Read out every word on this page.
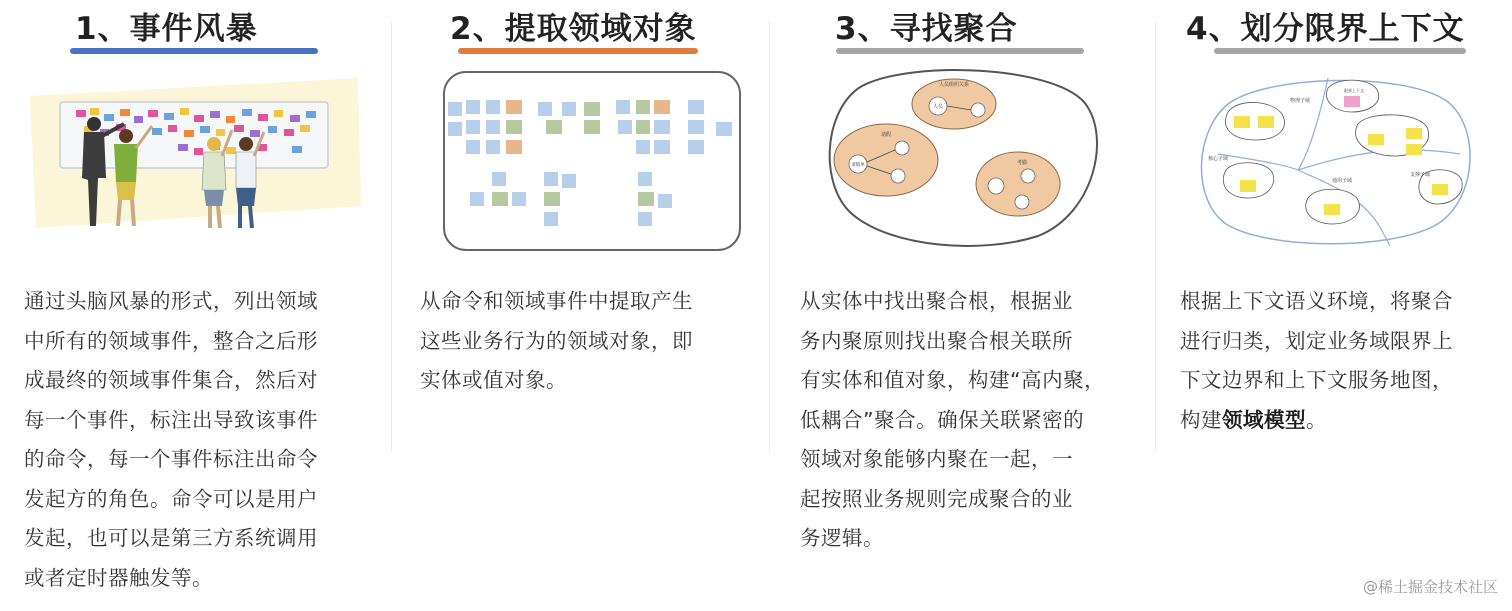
1、事件风暴
通过头脑风暴的形式，列出领域
中所有的领域事件，整合之后形
成最终的领域事件集合，然后对
每一个事件，标注出导致该事件
的命令，每一个事件标注出命令
发起方的角色。命令可以是用户
发起，也可以是第三方系统调用
或者定时器触发等。
2、提取领域对象
从命令和领域事件中提取产生
这些业务行为的领域对象，即
实体或值对象。
3、寻找聚合
人员组织关系
人员
请假
请假单	考勤
从实体中找出聚合根，根据业
务内聚原则找出聚合根关联所
有实体和值对象，构建“高内聚，
低耦合”聚合。确保关联紧密的
领域对象能够内聚在一起，一
起按照业务规则完成聚合的业
务逻辑。
4、划分限界上下文
物理子域
核心子域
支撑子域
通用子域
限界上下文
根据上下文语义环境，将聚合
进行归类，划定业务域限界上
下文边界和上下文服务地图，
构建领域模型。
@稀土掘金技术社区
